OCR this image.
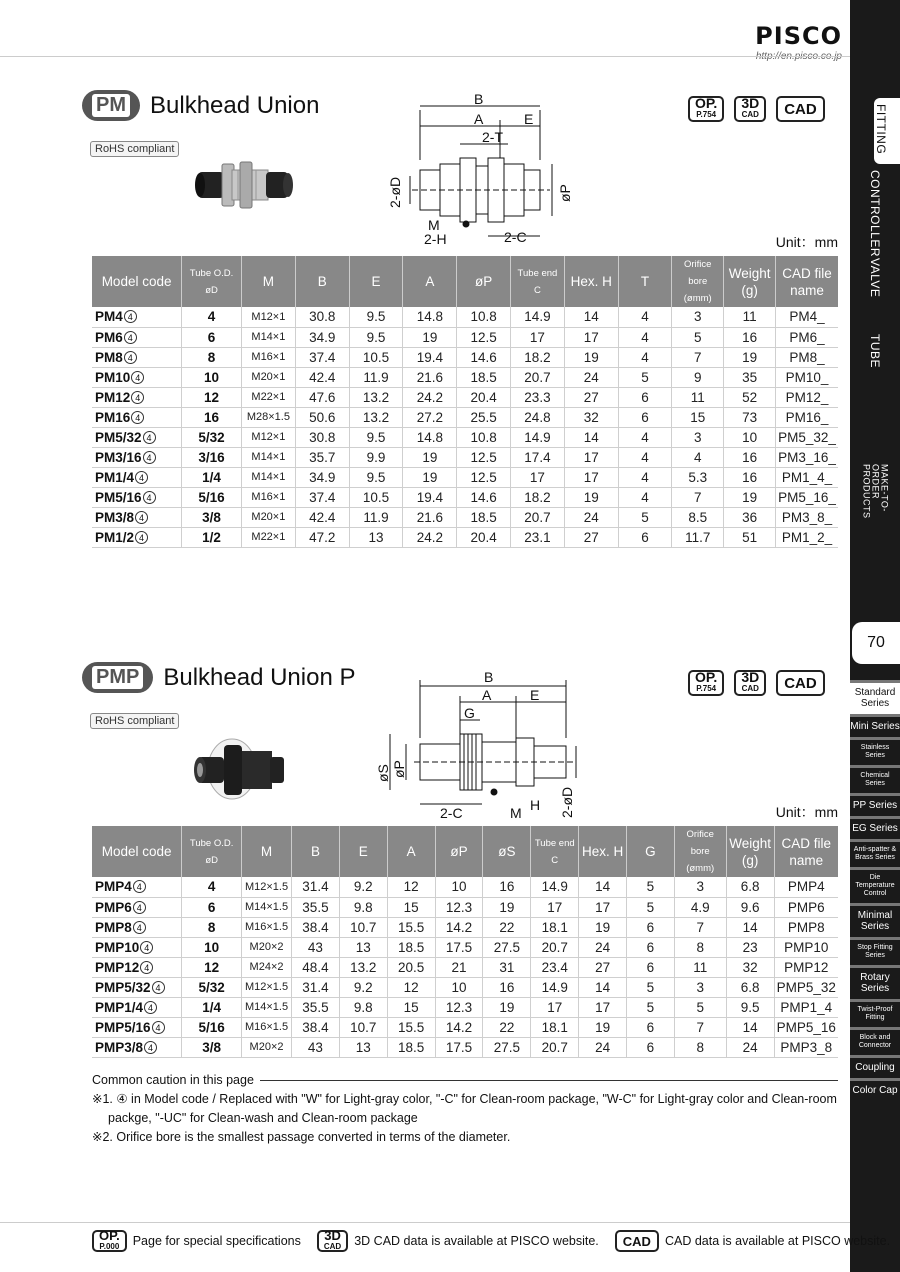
PISCO
FITTING
CONTROLLER
VALVE
TUBE
MAKE-TO-ORDER PRODUCTS
70
Standard Series
Mini Series
Stainless Series
Chemical Series
PP Series
EG Series
Anti-spatter & Brass Series
Die Temperature Control
Minimal Series
Stop Fitting Series
Rotary Series
Twist-Proof Fitting
Block and Connector
Coupling
Color Cap
PM Bulkhead Union
RoHS compliant
B
A	E
2-T
M
2-H	2-C
2-øD	øP
OP.
P.754
3D
CAD	CAD
Unit：mm
Model code	Tube O.D. øD	M	B	E	A	øP	Tube end C	Hex. H	T	Orifice bore (ømm)	Weight (g)	CAD file name
PM4 4	4	M12×1	30.8	9.5	14.8	10.8	14.9	14	4	3	11	PM4_
PM6 4	6	M14×1	34.9	9.5	19	12.5	17	17	4	5	16	PM6_
PM8 4	8	M16×1	37.4	10.5	19.4	14.6	18.2	19	4	7	19	PM8_
PM10 4	10	M20×1	42.4	11.9	21.6	18.5	20.7	24	5	9	35	PM10_
PM12 4	12	M22×1	47.6	13.2	24.2	20.4	23.3	27	6	11	52	PM12_
PM16 4	16	M28×1.5	50.6	13.2	27.2	25.5	24.8	32	6	15	73	PM16_
PM5/32 4	5/32	M12×1	30.8	9.5	14.8	10.8	14.9	14	4	3	10	PM5_32_
PM3/16 4	3/16	M14×1	35.7	9.9	19	12.5	17.4	17	4	4	16	PM3_16_
PM1/4 4	1/4	M14×1	34.9	9.5	19	12.5	17	17	4	5.3	16	PM1_4_
PM5/16 4	5/16	M16×1	37.4	10.5	19.4	14.6	18.2	19	4	7	19	PM5_16_
PM3/8 4	3/8	M20×1	42.4	11.9	21.6	18.5	20.7	24	5	8.5	36	PM3_8_
PM1/2 4	1/2	M22×1	47.2	13	24.2	20.4	23.1	27	6	11.7	51	PM1_2_
PMP Bulkhead Union P
RoHS compliant
B
A	E
G
2-C	M H
øS øP
2-øD
OP.
P.754
3D
CAD	CAD
Unit：mm
Model code	Tube O.D. øD	M	B	E	A	øP	øS	Tube end C	Hex. H	G	Orifice bore (ømm)	Weight (g)	CAD file name
PMP4 4	4	M12×1.5	31.4	9.2	12	10	16	14.9	14	5	3	6.8	PMP4
PMP6 4	6	M14×1.5	35.5	9.8	15	12.3	19	17	17	5	4.9	9.6	PMP6
PMP8 4	8	M16×1.5	38.4	10.7	15.5	14.2	22	18.1	19	6	7	14	PMP8
PMP10 4	10	M20×2	43	13	18.5	17.5	27.5	20.7	24	6	8	23	PMP10
PMP12 4	12	M24×2	48.4	13.2	20.5	21	31	23.4	27	6	11	32	PMP12
PMP5/32 4	5/32	M12×1.5	31.4	9.2	12	10	16	14.9	14	5	3	6.8	PMP5_32
PMP1/4 4	1/4	M14×1.5	35.5	9.8	15	12.3	19	17	17	5	5	9.5	PMP1_4
PMP5/16 4	5/16	M16×1.5	38.4	10.7	15.5	14.2	22	18.1	19	6	7	14	PMP5_16
PMP3/8 4	3/8	M20×2	43	13	18.5	17.5	27.5	20.7	24	6	8	24	PMP3_8
Common caution in this page
※1. ④ in Model code / Replaced with "W" for Light-gray color, "-C" for Clean-room package, "W-C" for Light-gray color and Clean-room packge, "-UC" for Clean-wash and Clean-room package
※2. Orifice bore is the smallest passage converted in terms of the diameter.
OP.
P.000 Page for special specifications 3D
CAD 3D CAD data is available at PISCO website.	CAD	CAD data is available at PISCO website.
